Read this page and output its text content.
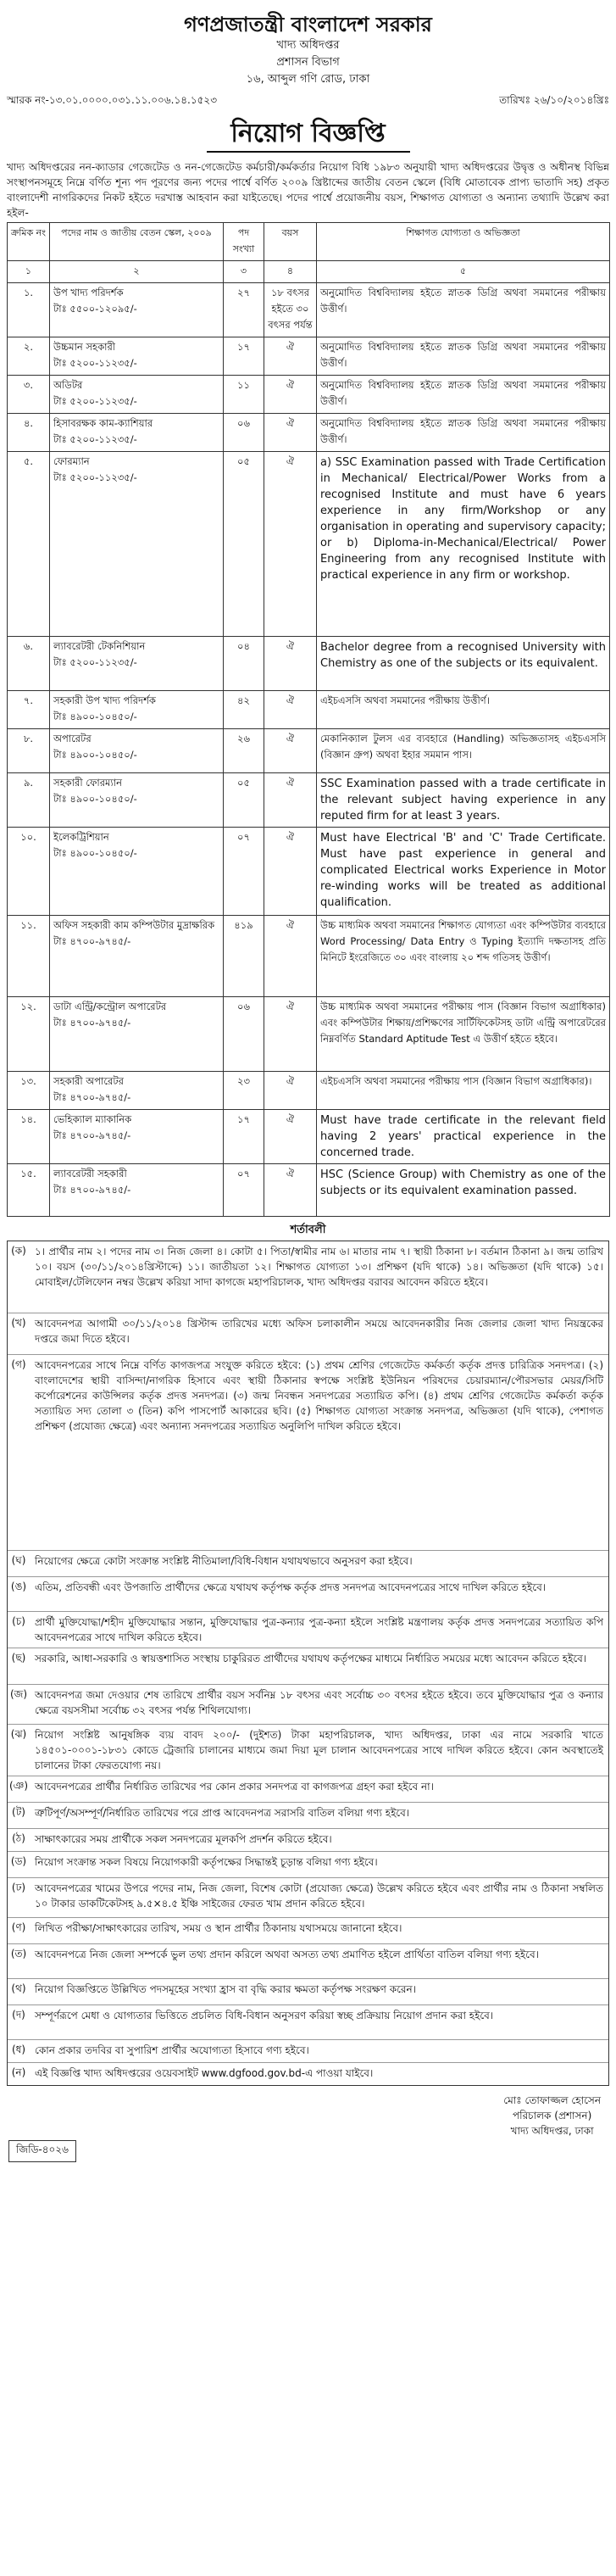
গণপ্রজাতন্ত্রী বাংলাদেশ সরকার
খাদ্য অধিদপ্তর
প্রশাসন বিভাগ
১৬, আব্দুল গণি রোড, ঢাকা
স্মারক নং-১৩.০১.০০০০.০৩১.১১.০০৬.১৪.১৫২৩	তারিখঃ ২৬/১০/২০১৪খ্রিঃ
নিয়োগ বিজ্ঞপ্তি
খাদ্য অধিদপ্তরের নন-ক্যাডার গেজেটেড ও নন-গেজেটেড কর্মচারী/কর্মকর্তার নিয়োগ বিধি ১৯৮৩ অনুযায়ী খাদ্য অধিদপ্তরের উদ্বৃত্ত ও অধীনস্থ বিভিন্ন সংস্থাপনসমূহে নিম্নে বর্ণিত শূন্য পদ পূরণের জন্য পদের পার্শ্বে বর্ণিত ২০০৯ খ্রিষ্টাব্দের জাতীয় বেতন স্কেলে (বিধি মোতাবেক প্রাপ্য ভাতাদি সহ) প্রকৃত বাংলাদেশী নাগরিকদের নিকট হইতে দরখাস্ত আহবান করা যাইতেছে। পদের পার্শ্বে প্রয়োজনীয় বয়স, শিক্ষাগত যোগ্যতা ও অন্যান্য তথ্যাদি উল্লেখ করা হইল-
ক্রমিক নং	পদের নাম ও জাতীয় বেতন স্কেল, ২০০৯	পদ সংখ্যা	বয়স	শিক্ষাগত যোগ্যতা ও অভিজ্ঞতা
১	২	৩	৪	৫

১.	উপ খাদ্য পরিদর্শক
টাঃ ৫৫০০-১২০৯৫/-	২৭	১৮ বৎসর হইতে ৩০ বৎসর পর্যন্ত	অনুমোদিত বিশ্ববিদ্যালয় হইতে স্নাতক ডিগ্রি অথবা সমমানের পরীক্ষায় উত্তীর্ণ।

২.	উচ্চমান সহকারী
টাঃ ৫২০০-১১২৩৫/-	১৭	ঐ	অনুমোদিত বিশ্ববিদ্যালয় হইতে স্নাতক ডিগ্রি অথবা সমমানের পরীক্ষায় উত্তীর্ণ।

৩.	অডিটর
টাঃ ৫২০০-১১২৩৫/-	১১	ঐ	অনুমোদিত বিশ্ববিদ্যালয় হইতে স্নাতক ডিগ্রি অথবা সমমানের পরীক্ষায় উত্তীর্ণ।

৪.	হিসাবরক্ষক কাম-ক্যাশিয়ার
টাঃ ৫২০০-১১২৩৫/-	০৬	ঐ	অনুমোদিত বিশ্ববিদ্যালয় হইতে স্নাতক ডিগ্রি অথবা সমমানের পরীক্ষায় উত্তীর্ণ।

৫.	ফোরম্যান
টাঃ ৫২০০-১১২৩৫/-	০৫	ঐ	a) SSC Examination passed with Trade Certification in Mechanical/ Electrical/Power Works from a recognised Institute and must have 6 years experience in any firm/Workshop or any organisation in operating and supervisory capacity; or b) Diploma-in-Mechanical/Electrical/ Power Engineering from any recognised Institute with practical experience in any firm or workshop.

৬.	ল্যাবরেটরী টেকনিশিয়ান
টাঃ ৫২০০-১১২৩৫/-	০৪	ঐ	Bachelor degree from a recognised University with Chemistry as one of the subjects or its equivalent.

৭.	সহকারী উপ খাদ্য পরিদর্শক
টাঃ ৪৯০০-১০৪৫০/-	৪২	ঐ	এইচএসসি অথবা সমমানের পরীক্ষায় উত্তীর্ণ।

৮.	অপারেটর
টাঃ ৪৯০০-১০৪৫০/-	২৬	ঐ	মেকানিক্যাল টুলস এর ব্যবহারে (Handling) অভিজ্ঞতাসহ এইচএসসি (বিজ্ঞান গ্রুপ) অথবা ইহার সমমান পাস।

৯.	সহকারী ফোরম্যান
টাঃ ৪৯০০-১০৪৫০/-	০৫	ঐ	SSC Examination passed with a trade certificate in the relevant subject having experience in any reputed firm for at least 3 years.

১০.	ইলেকট্রিশিয়ান
টাঃ ৪৯০০-১০৪৫০/-	০৭	ঐ	Must have Electrical 'B' and 'C' Trade Certificate. Must have past experience in general and complicated Electrical works Experience in Motor re-winding works will be treated as additional qualification.

১১.	অফিস সহকারী কাম কম্পিউটার মুদ্রাক্ষরিক
টাঃ ৪৭০০-৯৭৪৫/-	৪১৯	ঐ	উচ্চ মাধ্যমিক অথবা সমমানের শিক্ষাগত যোগ্যতা এবং কম্পিউটার ব্যবহারে Word Processing/ Data Entry ও Typing ইত্যাদি দক্ষতাসহ প্রতি মিনিটে ইংরেজিতে ৩০ এবং বাংলায় ২০ শব্দ গতিসহ উত্তীর্ণ।

১২.	ডাটা এন্ট্রি/কন্ট্রোল অপারেটর
টাঃ ৪৭০০-৯৭৪৫/-	০৬	ঐ	উচ্চ মাধ্যমিক অথবা সমমানের পরীক্ষায় পাস (বিজ্ঞান বিভাগ অগ্রাধিকার) এবং কম্পিউটার শিক্ষায়/প্রশিক্ষণের সার্টিফিকেটসহ ডাটা এন্ট্রি অপারেটরের নিম্নবর্ণিত Standard Aptitude Test এ উত্তীর্ণ হইতে হইবে।

১৩.	সহকারী অপারেটর
টাঃ ৪৭০০-৯৭৪৫/-	২৩	ঐ	এইচএসসি অথবা সমমানের পরীক্ষায় পাস (বিজ্ঞান বিভাগ অগ্রাধিকার)।

১৪.	ভেহিক্যাল ম্যাকানিক
টাঃ ৪৭০০-৯৭৪৫/-	১৭	ঐ	Must have trade certificate in the relevant field having 2 years' practical experience in the concerned trade.

১৫.	ল্যাবরেটরী সহকারী
টাঃ ৪৭০০-৯৭৪৫/-	০৭	ঐ	HSC (Science Group) with Chemistry as one of the subjects or its equivalent examination passed.
শর্তাবলী
(ক) ১। প্রার্থীর নাম ২। পদের নাম ৩। নিজ জেলা ৪। কোটা ৫। পিতা/স্বামীর নাম ৬। মাতার নাম ৭। স্থায়ী ঠিকানা ৮। বর্তমান ঠিকানা ৯। জন্ম তারিখ ১০। বয়স (৩০/১১/২০১৪খ্রিস্টাব্দে) ১১। জাতীয়তা ১২। শিক্ষাগত যোগ্যতা ১৩। প্রশিক্ষণ (যদি থাকে) ১৪। অভিজ্ঞতা (যদি থাকে) ১৫। মোবাইল/টেলিফোন নম্বর উল্লেখ করিয়া সাদা কাগজে মহাপরিচালক, খাদ্য অধিদপ্তর বরাবর আবেদন করিতে হইবে।
(খ) আবেদনপত্র আগামী ৩০/১১/২০১৪ খ্রিস্টাব্দ তারিখের মধ্যে অফিস চলাকালীন সময়ে আবেদনকারীর নিজ জেলার জেলা খাদ্য নিয়ন্ত্রকের দপ্তরে জমা দিতে হইবে।
(গ) আবেদনপত্রের সাথে নিম্নে বর্ণিত কাগজপত্র সংযুক্ত করিতে হইবে: (১) প্রথম শ্রেণির গেজেটেড কর্মকর্তা কর্তৃক প্রদত্ত চারিত্রিক সনদপত্র। (২) বাংলাদেশের স্থায়ী বাসিন্দা/নাগরিক হিসাবে এবং স্থায়ী ঠিকানার স্বপক্ষে সংশ্লিষ্ট ইউনিয়ন পরিষদের চেয়ারম্যান/পৌরসভার মেয়র/সিটি কর্পোরেশনের কাউন্সিলর কর্তৃক প্রদত্ত সনদপত্র। (৩) জন্ম নিবন্ধন সনদপত্রের সত্যায়িত কপি। (৪) প্রথম শ্রেণির গেজেটেড কর্মকর্তা কর্তৃক সত্যায়িত সদ্য তোলা ৩ (তিন) কপি পাসপোর্ট আকারের ছবি। (৫) শিক্ষাগত যোগ্যতা সংক্রান্ত সনদপত্র, অভিজ্ঞতা (যদি থাকে), পেশাগত প্রশিক্ষণ (প্রযোজ্য ক্ষেত্রে) এবং অন্যান্য সনদপত্রের সত্যায়িত অনুলিপি দাখিল করিতে হইবে।
(ঘ) নিয়োগের ক্ষেত্রে কোটা সংক্রান্ত সংশ্লিষ্ট নীতিমালা/বিধি-বিধান যথাযথভাবে অনুসরণ করা হইবে।
(ঙ) এতিম, প্রতিবন্ধী এবং উপজাতি প্রার্থীদের ক্ষেত্রে যথাযথ কর্তৃপক্ষ কর্তৃক প্রদত্ত সনদপত্র আবেদনপত্রের সাথে দাখিল করিতে হইবে।
(চ) প্রার্থী মুক্তিযোদ্ধা/শহীদ মুক্তিযোদ্ধার সন্তান, মুক্তিযোদ্ধার পুত্র-কন্যার পুত্র-কন্যা হইলে সংশ্লিষ্ট মন্ত্রণালয় কর্তৃক প্রদত্ত সনদপত্রের সত্যায়িত কপি আবেদনপত্রের সাথে দাখিল করিতে হইবে।
(ছ) সরকারি, আধা-সরকারি ও স্বায়ত্তশাসিত সংস্থায় চাকুরিরত প্রার্থীদের যথাযথ কর্তৃপক্ষের মাধ্যমে নির্ধারিত সময়ের মধ্যে আবেদন করিতে হইবে।
(জ) আবেদনপত্র জমা দেওয়ার শেষ তারিখে প্রার্থীর বয়স সর্বনিম্ন ১৮ বৎসর এবং সর্বোচ্চ ৩০ বৎসর হইতে হইবে। তবে মুক্তিযোদ্ধার পুত্র ও কন্যার ক্ষেত্রে বয়সসীমা সর্বোচ্চ ৩২ বৎসর পর্যন্ত শিথিলযোগ্য।
(ঝ) নিয়োগ সংশ্লিষ্ট আনুষঙ্গিক ব্যয় বাবদ ২০০/- (দুইশত) টাকা মহাপরিচালক, খাদ্য অধিদপ্তর, ঢাকা এর নামে সরকারি খাতে ১৪৫০১-০০০১-১৮৩১ কোডে ট্রেজারি চালানের মাধ্যমে জমা দিয়া মূল চালান আবেদনপত্রের সাথে দাখিল করিতে হইবে। কোন অবস্থাতেই চালানের টাকা ফেরতযোগ্য নয়।
(ঞ) আবেদনপত্রের প্রার্থীর নির্ধারিত তারিখের পর কোন প্রকার সনদপত্র বা কাগজপত্র গ্রহণ করা হইবে না।
(ট) ত্রুটিপূর্ণ/অসম্পূর্ণ/নির্ধারিত তারিখের পরে প্রাপ্ত আবেদনপত্র সরাসরি বাতিল বলিয়া গণ্য হইবে।
(ঠ) সাক্ষাৎকারের সময় প্রার্থীকে সকল সনদপত্রের মূলকপি প্রদর্শন করিতে হইবে।
(ড) নিয়োগ সংক্রান্ত সকল বিষয়ে নিয়োগকারী কর্তৃপক্ষের সিদ্ধান্তই চূড়ান্ত বলিয়া গণ্য হইবে।
(ঢ) আবেদনপত্রের খামের উপরে পদের নাম, নিজ জেলা, বিশেষ কোটা (প্রযোজ্য ক্ষেত্রে) উল্লেখ করিতে হইবে এবং প্রার্থীর নাম ও ঠিকানা সম্বলিত ১০ টাকার ডাকটিকেটসহ ৯.৫×৪.৫ ইঞ্চি সাইজের ফেরত খাম প্রদান করিতে হইবে।
(ণ) লিখিত পরীক্ষা/সাক্ষাৎকারের তারিখ, সময় ও স্থান প্রার্থীর ঠিকানায় যথাসময়ে জানানো হইবে।
(ত) আবেদনপত্রে নিজ জেলা সম্পর্কে ভুল তথ্য প্রদান করিলে অথবা অসত্য তথ্য প্রমাণিত হইলে প্রার্থিতা বাতিল বলিয়া গণ্য হইবে।
(থ) নিয়োগ বিজ্ঞপ্তিতে উল্লিখিত পদসমূহের সংখ্যা হ্রাস বা বৃদ্ধি করার ক্ষমতা কর্তৃপক্ষ সংরক্ষণ করেন।
(দ) সম্পূর্ণরূপে মেধা ও যোগ্যতার ভিত্তিতে প্রচলিত বিধি-বিধান অনুসরণ করিয়া স্বচ্ছ প্রক্রিয়ায় নিয়োগ প্রদান করা হইবে।
(ধ) কোন প্রকার তদবির বা সুপারিশ প্রার্থীর অযোগ্যতা হিসাবে গণ্য হইবে।
(ন) এই বিজ্ঞপ্তি খাদ্য অধিদপ্তরের ওয়েবসাইট www.dgfood.gov.bd-এ পাওয়া যাইবে।
মোঃ তোফাজ্জল হোসেন
পরিচালক (প্রশাসন)
খাদ্য অধিদপ্তর, ঢাকা
জিডি-৪০২৬
